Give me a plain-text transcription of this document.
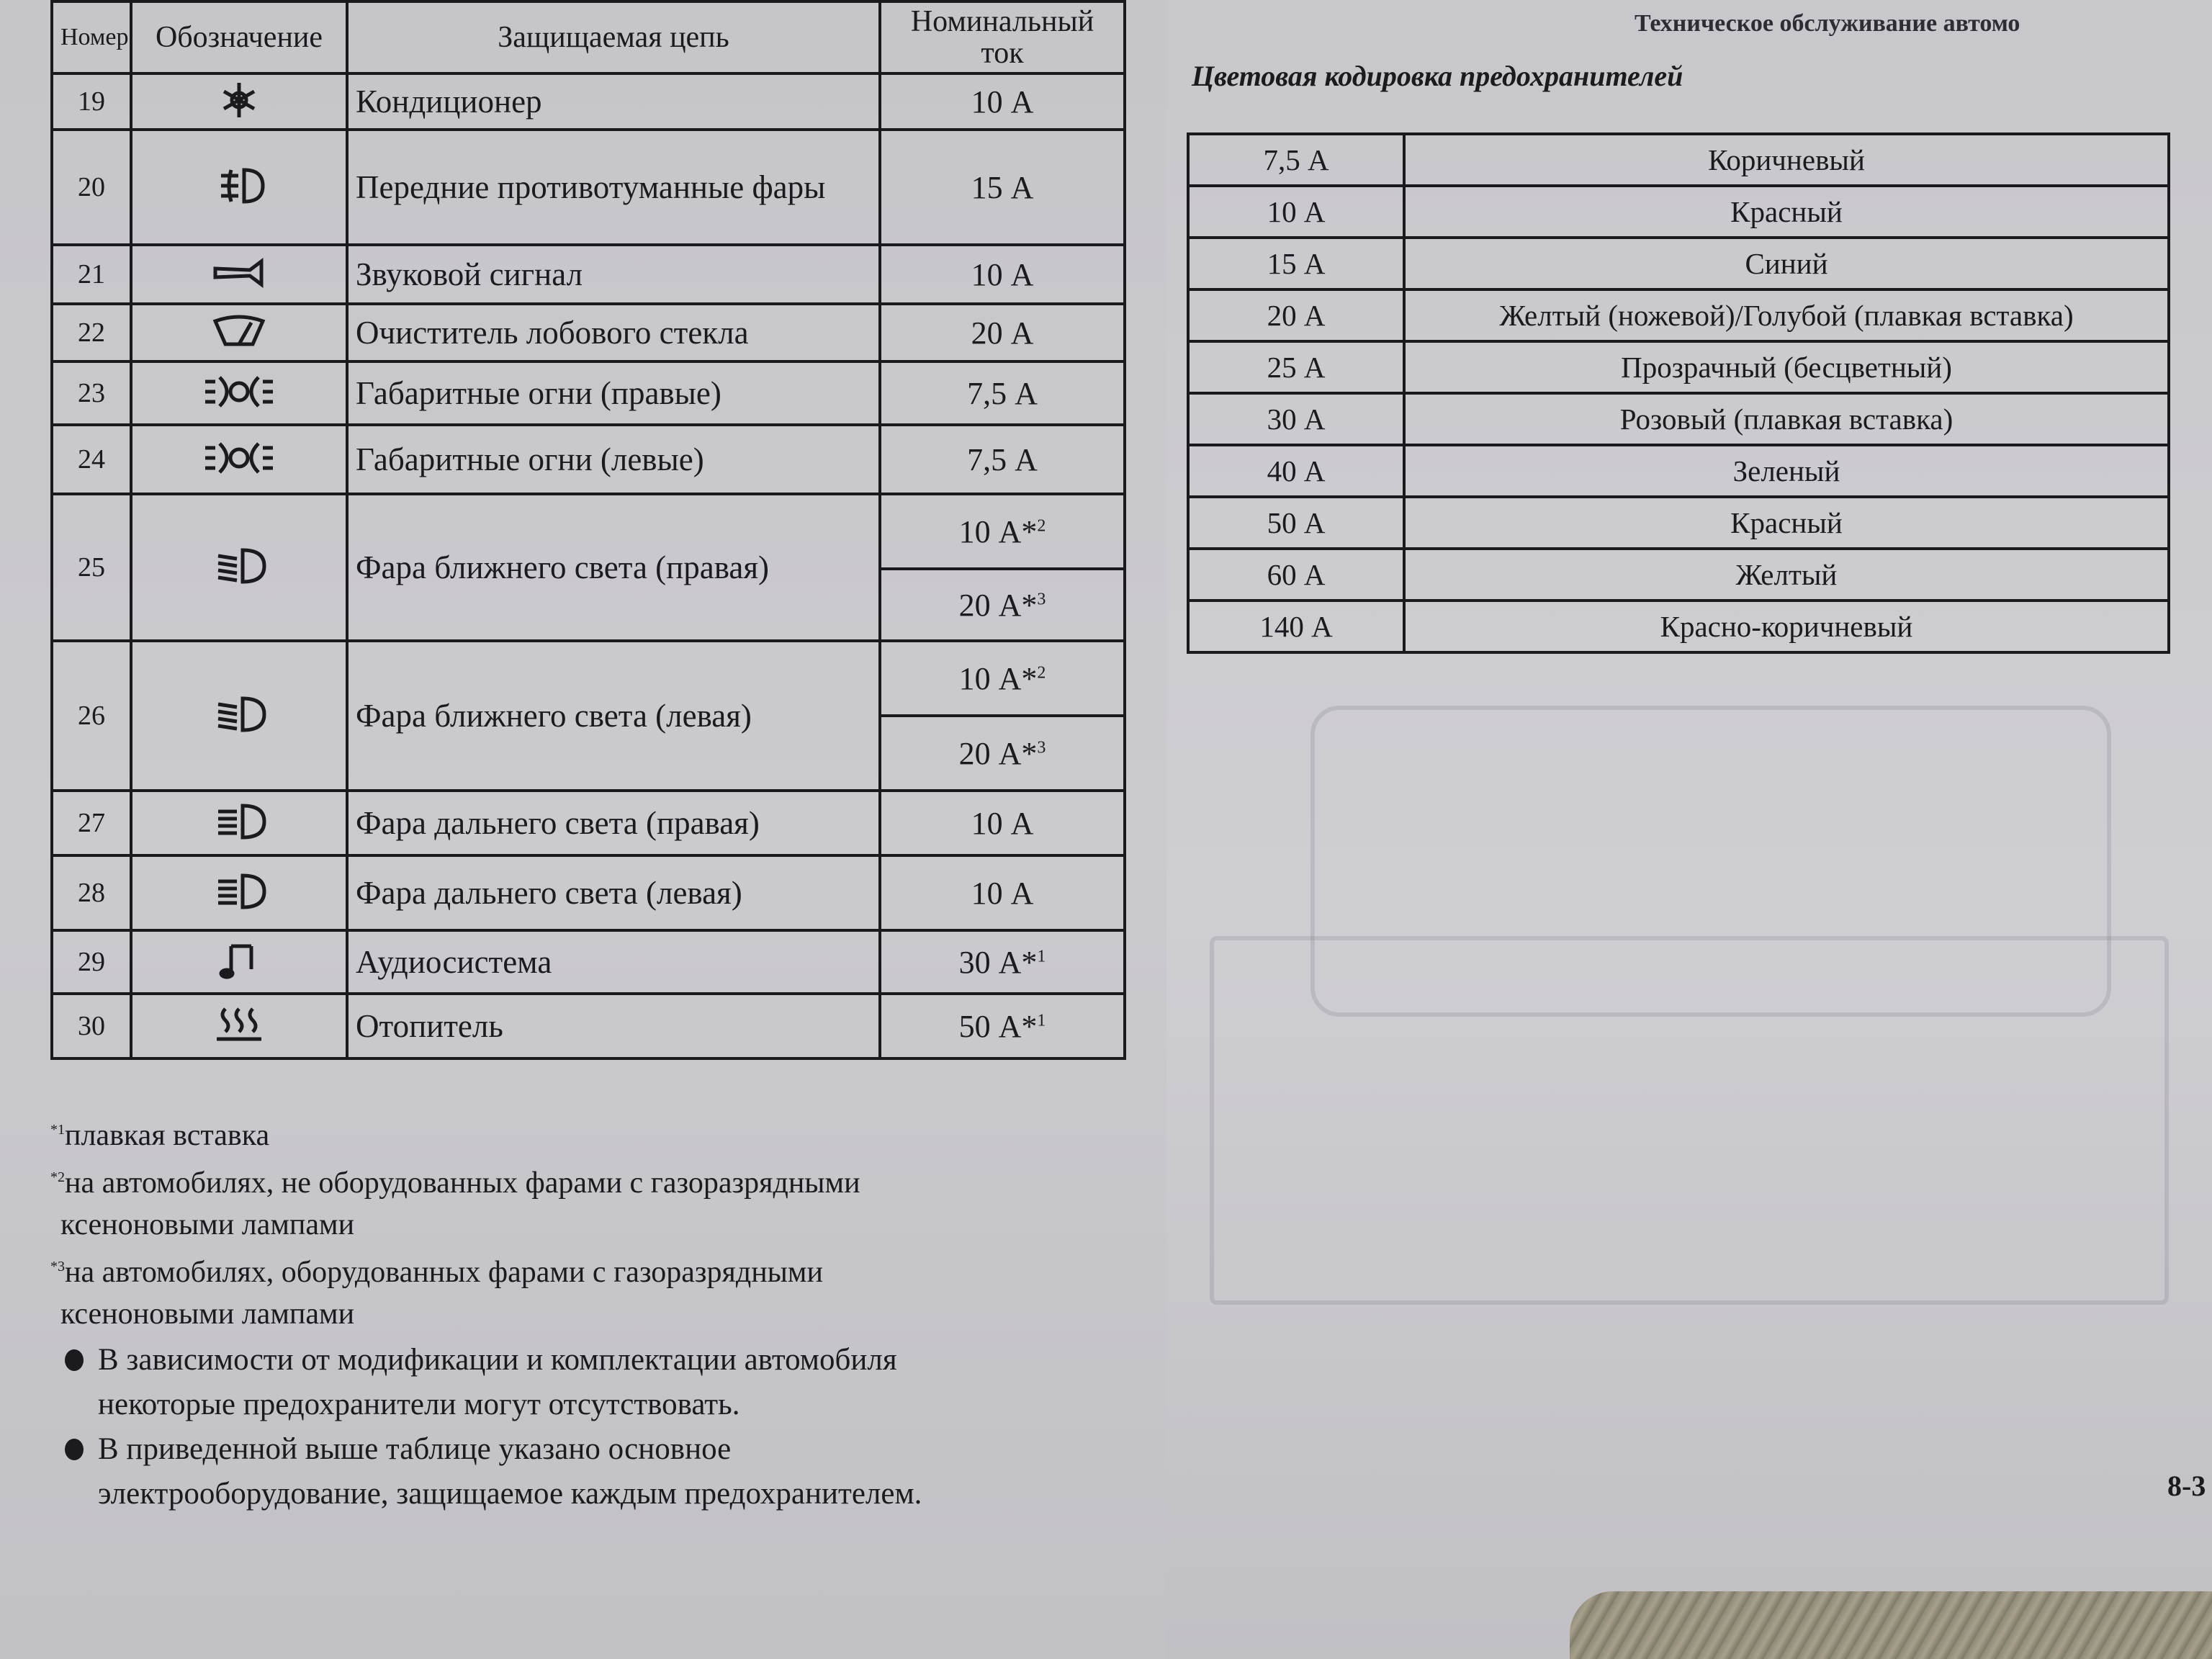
Номер	Обозначение	Защищаемая цепь	Номинальный ток
19		Кондиционер	10 А
20		Передние противотуманные фары	15 А
21		Звуковой сигнал	10 А
22		Очиститель лобового стекла	20 А
23		Габаритные огни (правые)	7,5 А
24		Габаритные огни (левые)	7,5 А
25		Фара ближнего света (правая)	10 А*$^2$
			20 А*$^3$
26		Фара ближнего света (левая)	10 А*$^2$
			20 А*$^3$
27		Фара дальнего света (правая)	10 А
28		Фара дальнего света (левая)	10 А
29		Аудиосистема	30 А*$^1$
30		Отопитель	50 А*$^1$
$^{*1}$плавкая вставка
$^{*2}$на автомобилях, не оборудованных фарами с газоразрядными
ксеноновыми лампами
$^{*3}$на автомобилях, оборудованных фарами с газоразрядными
ксеноновыми лампами
В зависимости от модификации и комплектации автомобиля
некоторые предохранители могут отсутствовать.
В приведенной выше таблице указано основное
электрооборудование, защищаемое каждым предохранителем.
Техническое обслуживание автомо
Цветовая кодировка предохранителей
7,5 А	Коричневый
10 А	Красный
15 А	Синий
20 А	Желтый (ножевой)/Голубой (плавкая вставка)
25 А	Прозрачный (бесцветный)
30 А	Розовый (плавкая вставка)
40 А	Зеленый
50 А	Красный
60 А	Желтый
140 А	Красно-коричневый
8-3
